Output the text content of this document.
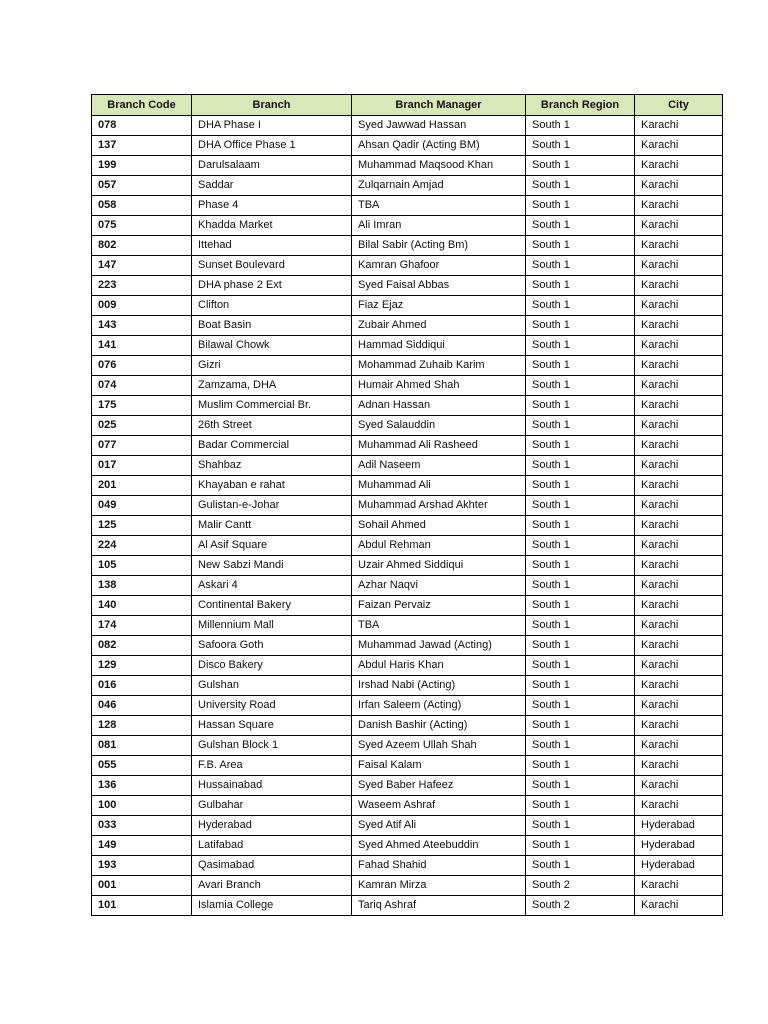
Branch Code	Branch	Branch Manager	Branch Region	City
078	DHA Phase I	Syed Jawwad Hassan	South 1	Karachi
137	DHA Office Phase 1	Ahsan Qadir (Acting BM)	South 1	Karachi
199	Darulsalaam	Muhammad Maqsood Khan	South 1	Karachi
057	Saddar	Zulqarnain Amjad	South 1	Karachi
058	Phase 4	TBA	South 1	Karachi
075	Khadda Market	Ali Imran	South 1	Karachi
802	Ittehad	Bilal Sabir (Acting Bm)	South 1	Karachi
147	Sunset Boulevard	Kamran Ghafoor	South 1	Karachi
223	DHA phase 2 Ext	Syed Faisal Abbas	South 1	Karachi
009	Clifton	Fiaz Ejaz	South 1	Karachi
143	Boat Basin	Zubair Ahmed	South 1	Karachi
141	Bilawal Chowk	Hammad Siddiqui	South 1	Karachi
076	Gizri	Mohammad Zuhaib Karim	South 1	Karachi
074	Zamzama, DHA	Humair Ahmed Shah	South 1	Karachi
175	Muslim Commercial Br.	Adnan Hassan	South 1	Karachi
025	26th Street	Syed Salauddin	South 1	Karachi
077	Badar Commercial	Muhammad Ali Rasheed	South 1	Karachi
017	Shahbaz	Adil Naseem	South 1	Karachi
201	Khayaban e rahat	Muhammad Ali	South 1	Karachi
049	Gulistan-e-Johar	Muhammad Arshad Akhter	South 1	Karachi
125	Malir Cantt	Sohail Ahmed	South 1	Karachi
224	Al Asif Square	Abdul Rehman	South 1	Karachi
105	New Sabzi Mandi	Uzair Ahmed Siddiqui	South 1	Karachi
138	Askari 4	Azhar Naqvi	South 1	Karachi
140	Continental Bakery	Faizan Pervaiz	South 1	Karachi
174	Millennium Mall	TBA	South 1	Karachi
082	Safoora Goth	Muhammad Jawad (Acting)	South 1	Karachi
129	Disco Bakery	Abdul Haris Khan	South 1	Karachi
016	Gulshan	Irshad Nabi (Acting)	South 1	Karachi
046	University Road	Irfan Saleem (Acting)	South 1	Karachi
128	Hassan Square	Danish Bashir (Acting)	South 1	Karachi
081	Gulshan Block 1	Syed Azeem Ullah Shah	South 1	Karachi
055	F.B. Area	Faisal Kalam	South 1	Karachi
136	Hussainabad	Syed Baber Hafeez	South 1	Karachi
100	Gulbahar	Waseem Ashraf	South 1	Karachi
033	Hyderabad	Syed Atif Ali	South 1	Hyderabad
149	Latifabad	Syed Ahmed Ateebuddin	South 1	Hyderabad
193	Qasimabad	Fahad Shahid	South 1	Hyderabad
001	Avari Branch	Kamran Mirza	South 2	Karachi
101	Islamia College	Tariq Ashraf	South 2	Karachi
